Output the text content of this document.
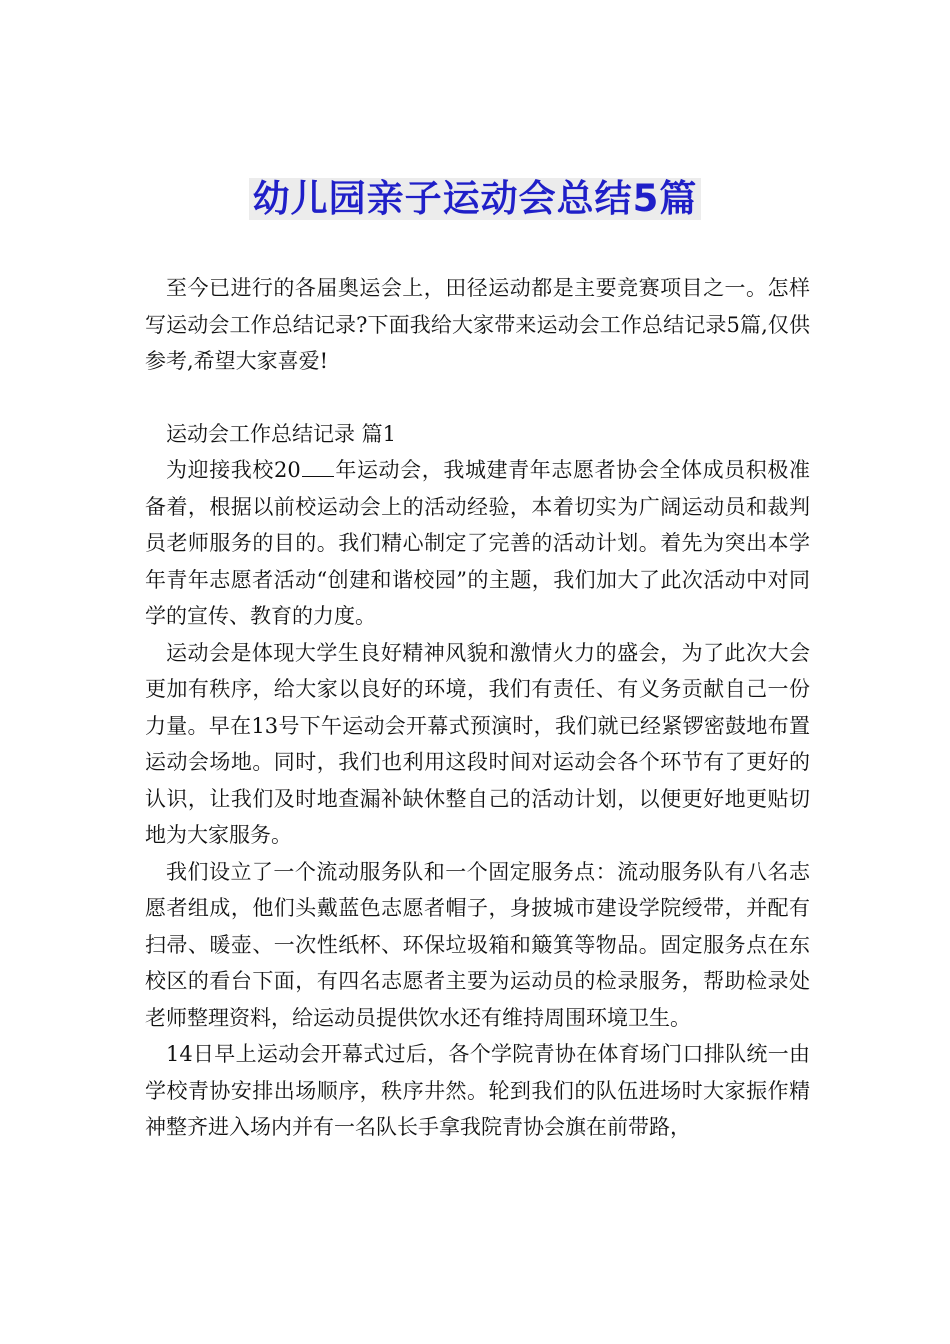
幼儿园亲子运动会总结5篇

至今已进行的各届奥运会上，田径运动都是主要竞赛项目之一。怎样写运动会工作总结记录?下面我给大家带来运动会工作总结记录5篇,仅供参考,希望大家喜爱!

运动会工作总结记录 篇1

为迎接我校20 年运动会，我城建青年志愿者协会全体成员积极准备着，根据以前校运动会上的活动经验，本着切实为广阔运动员和裁判员老师服务的目的。我们精心制定了完善的活动计划。着先为突出本学年青年志愿者活动“创建和谐校园”的主题，我们加大了此次活动中对同学的宣传、教育的力度。

运动会是体现大学生良好精神风貌和激情火力的盛会，为了此次大会更加有秩序，给大家以良好的环境，我们有责任、有义务贡献自己一份力量。早在13号下午运动会开幕式预演时，我们就已经紧锣密鼓地布置运动会场地。同时，我们也利用这段时间对运动会各个环节有了更好的认识，让我们及时地查漏补缺休整自己的活动计划，以便更好地更贴切地为大家服务。

我们设立了一个流动服务队和一个固定服务点：流动服务队有八名志愿者组成，他们头戴蓝色志愿者帽子，身披城市建设学院绶带，并配有扫帚、暖壶、一次性纸杯、环保垃圾箱和簸箕等物品。固定服务点在东校区的看台下面，有四名志愿者主要为运动员的检录服务，帮助检录处老师整理资料，给运动员提供饮水还有维持周围环境卫生。

14日早上运动会开幕式过后，各个学院青协在体育场门口排队统一由学校青协安排出场顺序，秩序井然。轮到我们的队伍进场时大家振作精神整齐进入场内并有一名队长手拿我院青协会旗在前带路，
